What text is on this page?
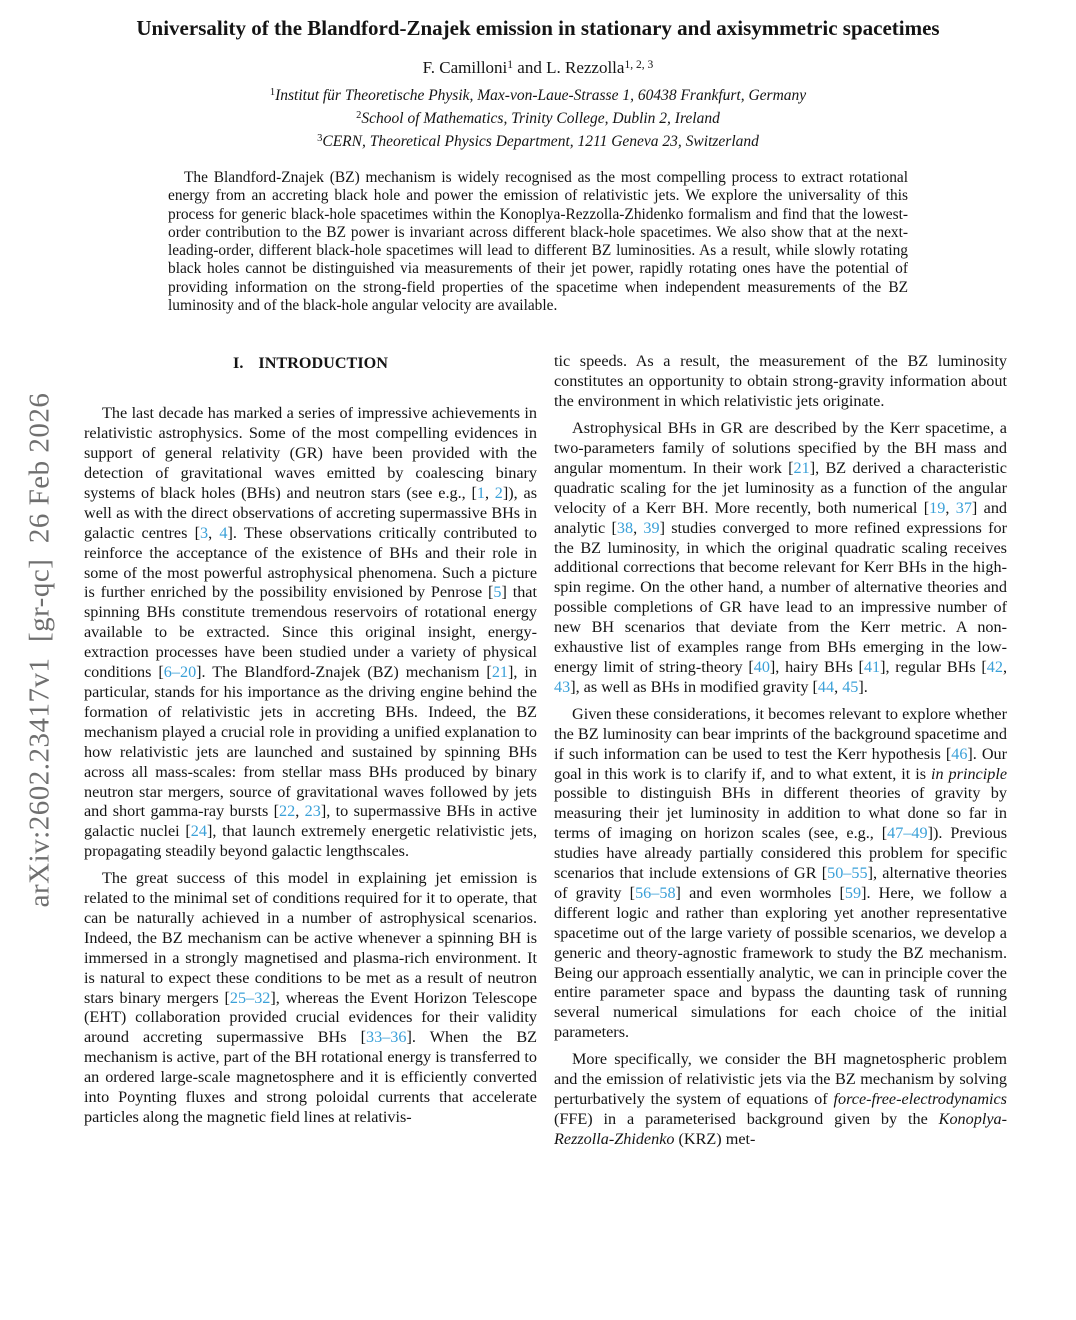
arXiv:2602.23417v1  [gr-qc]  26 Feb 2026
Universality of the Blandford-Znajek emission in stationary and axisymmetric spacetimes
F. Camilloni$^1$ and L. Rezzolla$^{1, 2, 3}$
$^1$Institut für Theoretische Physik, Max-von-Laue-Strasse 1, 60438 Frankfurt, Germany
$^2$School of Mathematics, Trinity College, Dublin 2, Ireland
$^3$CERN, Theoretical Physics Department, 1211 Geneva 23, Switzerland
The Blandford-Znajek (BZ) mechanism is widely recognised as the most compelling process to extract rotational energy from an accreting black hole and power the emission of relativistic jets. We explore the universality of this process for generic black-hole spacetimes within the Konoplya-Rezzolla-Zhidenko formalism and find that the lowest-order contribution to the BZ power is invariant across different black-hole spacetimes. We also show that at the next-leading-order, different black-hole spacetimes will lead to different BZ luminosities. As a result, while slowly rotating black holes cannot be distinguished via measurements of their jet power, rapidly rotating ones have the potential of providing information on the strong-field properties of the spacetime when independent measurements of the BZ luminosity and of the black-hole angular velocity are available.
I. INTRODUCTION

The last decade has marked a series of impressive achievements in relativistic astrophysics. Some of the most compelling evidences in support of general relativity (GR) have been provided with the detection of gravitational waves emitted by coalescing binary systems of black holes (BHs) and neutron stars (see e.g., [1, 2]), as well as with the direct observations of accreting supermassive BHs in galactic centres [3, 4]. These observations critically contributed to reinforce the acceptance of the existence of BHs and their role in some of the most powerful astrophysical phenomena. Such a picture is further enriched by the possibility envisioned by Penrose [5] that spinning BHs constitute tremendous reservoirs of rotational energy available to be extracted. Since this original insight, energy-extraction processes have been studied under a variety of physical conditions [6–20]. The Blandford-Znajek (BZ) mechanism [21], in particular, stands for his importance as the driving engine behind the formation of relativistic jets in accreting BHs. Indeed, the BZ mechanism played a crucial role in providing a unified explanation to how relativistic jets are launched and sustained by spinning BHs across all mass-scales: from stellar mass BHs produced by binary neutron star mergers, source of gravitational waves followed by jets and short gamma-ray bursts [22, 23], to supermassive BHs in active galactic nuclei [24], that launch extremely energetic relativistic jets, propagating steadily beyond galactic lengthscales.

The great success of this model in explaining jet emission is related to the minimal set of conditions required for it to operate, that can be naturally achieved in a number of astrophysical scenarios. Indeed, the BZ mechanism can be active whenever a spinning BH is immersed in a strongly magnetised and plasma-rich environment. It is natural to expect these conditions to be met as a result of neutron stars binary mergers [25–32], whereas the Event Horizon Telescope (EHT) collaboration provided crucial evidences for their validity around accreting supermassive BHs [33–36]. When the BZ mechanism is active, part of the BH rotational energy is transferred to an ordered large-scale magnetosphere and it is efficiently converted into Poynting fluxes and strong poloidal currents that accelerate particles along the magnetic field lines at relativis-

tic speeds. As a result, the measurement of the BZ luminosity constitutes an opportunity to obtain strong-gravity information about the environment in which relativistic jets originate.

Astrophysical BHs in GR are described by the Kerr spacetime, a two-parameters family of solutions specified by the BH mass and angular momentum. In their work [21], BZ derived a characteristic quadratic scaling for the jet luminosity as a function of the angular velocity of a Kerr BH. More recently, both numerical [19, 37] and analytic [38, 39] studies converged to more refined expressions for the BZ luminosity, in which the original quadratic scaling receives additional corrections that become relevant for Kerr BHs in the high-spin regime. On the other hand, a number of alternative theories and possible completions of GR have lead to an impressive number of new BH scenarios that deviate from the Kerr metric. A non-exhaustive list of examples range from BHs emerging in the low-energy limit of string-theory [40], hairy BHs [41], regular BHs [42, 43], as well as BHs in modified gravity [44, 45].

Given these considerations, it becomes relevant to explore whether the BZ luminosity can bear imprints of the background spacetime and if such information can be used to test the Kerr hypothesis [46]. Our goal in this work is to clarify if, and to what extent, it is in principle possible to distinguish BHs in different theories of gravity by measuring their jet luminosity in addition to what done so far in terms of imaging on horizon scales (see, e.g., [47–49]). Previous studies have already partially considered this problem for specific scenarios that include extensions of GR [50–55], alternative theories of gravity [56–58] and even wormholes [59]. Here, we follow a different logic and rather than exploring yet another representative spacetime out of the large variety of possible scenarios, we develop a generic and theory-agnostic framework to study the BZ mechanism. Being our approach essentially analytic, we can in principle cover the entire parameter space and bypass the daunting task of running several numerical simulations for each choice of the initial parameters.

More specifically, we consider the BH magnetospheric problem and the emission of relativistic jets via the BZ mechanism by solving perturbatively the system of equations of force-free-electrodynamics (FFE) in a parameterised background given by the Konoplya-Rezzolla-Zhidenko (KRZ) met-
